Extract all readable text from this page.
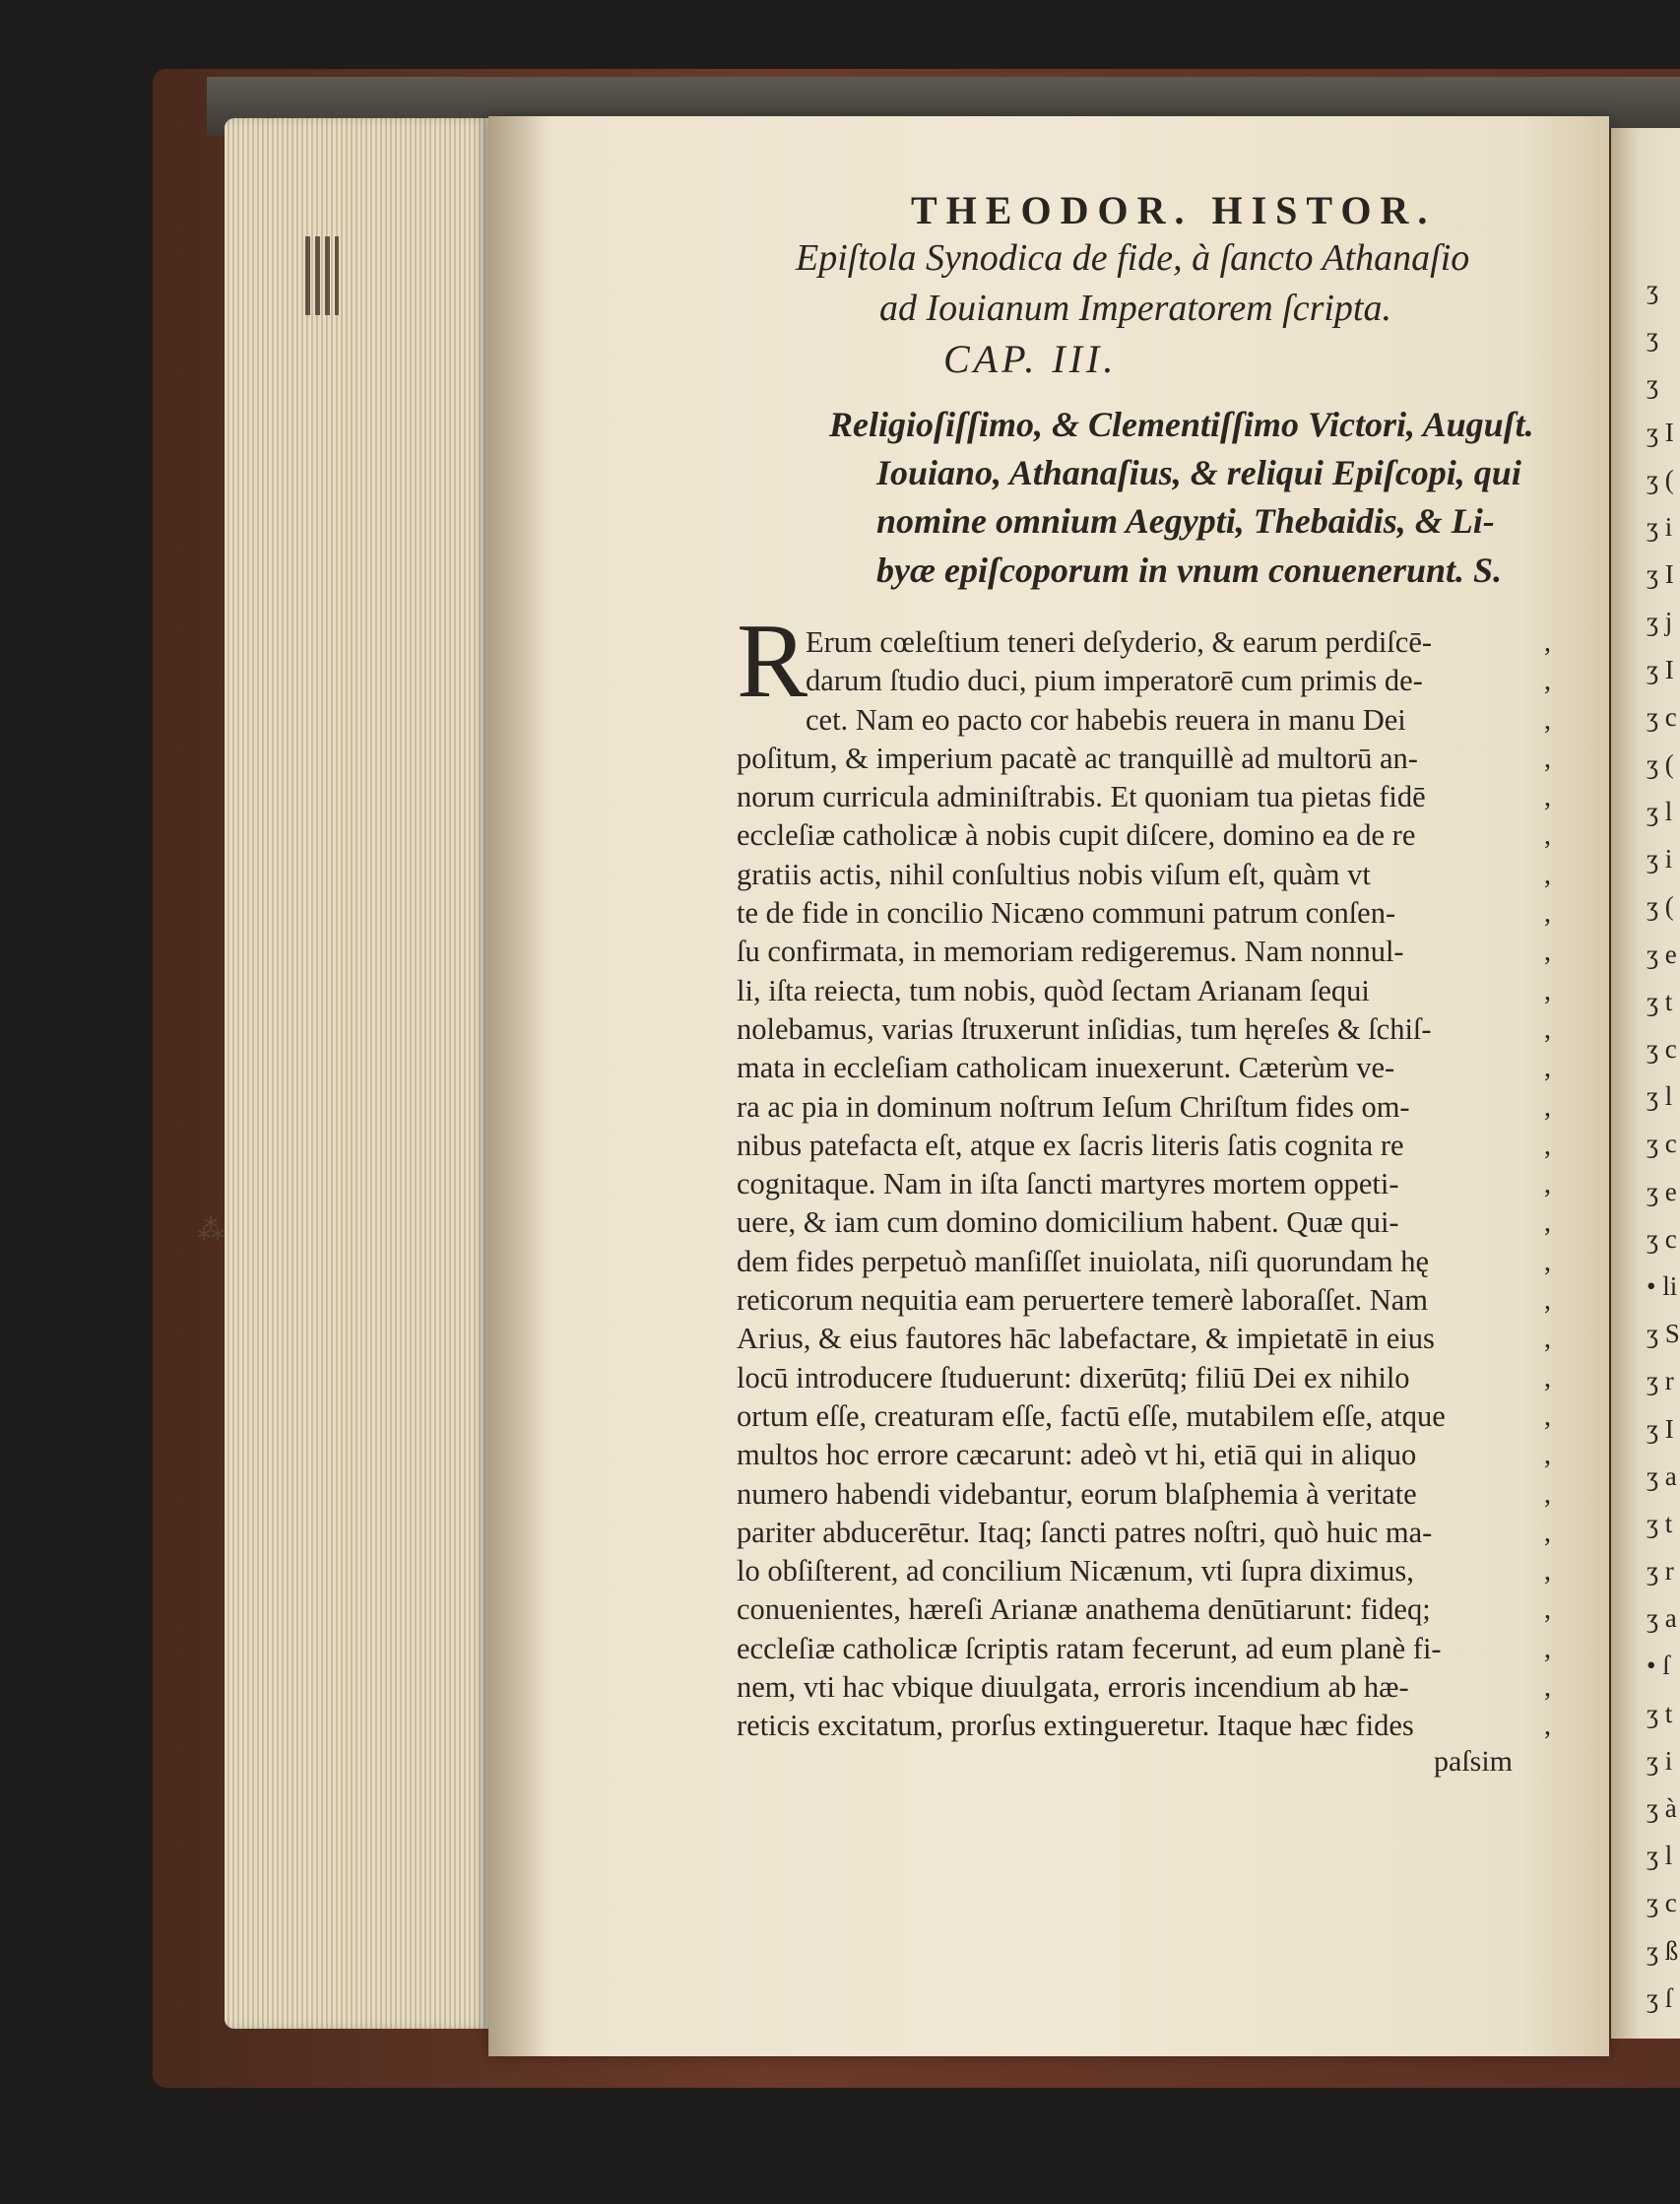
⁂
ʒ
ʒ
ʒ
ʒ I
ʒ (
ʒ i
ʒ I
ʒ j
ʒ I
ʒ c
ʒ (
ʒ l
ʒ i
ʒ (
ʒ e
ʒ t
ʒ c
ʒ l
ʒ c
ʒ e
ʒ c
• li
ʒ S
ʒ r
ʒ I
ʒ a
ʒ t
ʒ r
ʒ a
• ſ
ʒ t
ʒ i
ʒ à
ʒ l
ʒ c
ʒ ß
ʒ ſ
THEODOR. HISTOR.
Epiſtola Synodica de fide, à ſancto Athanaſio
ad Iouianum Imperatorem ſcripta.
CAP. III.
Religioſiſſimo, & Clementiſſimo Victori, Auguſt.
Iouiano, Athanaſius, & reliqui Epiſcopi, qui
nomine omnium Aegypti, Thebaidis, & Li-
byæ epiſcoporum in vnum conuenerunt. S.
R
Erum cœleſtium teneri deſyderio, & earum perdiſcē-
darum ſtudio duci, pium imperatorē cum primis de-
cet. Nam eo pacto cor habebis reuera in manu Dei
poſitum, & imperium pacatè ac tranquillè ad multorū an-
norum curricula adminiſtrabis. Et quoniam tua pietas fidē
eccleſiæ catholicæ à nobis cupit diſcere, domino ea de re
gratiis actis, nihil conſultius nobis viſum eſt, quàm vt
te de fide in concilio Nicæno communi patrum conſen-
ſu confirmata, in memoriam redigeremus. Nam nonnul-
li, iſta reiecta, tum nobis, quòd ſectam Arianam ſequi
nolebamus, varias ſtruxerunt inſidias, tum hęreſes & ſchiſ-
mata in eccleſiam catholicam inuexerunt. Cæterùm ve-
ra ac pia in dominum noſtrum Ieſum Chriſtum fides om-
nibus patefacta eſt, atque ex ſacris literis ſatis cognita re
cognitaque. Nam in iſta ſancti martyres mortem oppeti-
uere, & iam cum domino domicilium habent. Quæ qui-
dem fides perpetuò manſiſſet inuiolata, niſi quorundam hę
reticorum nequitia eam peruertere temerè laboraſſet. Nam
Arius, & eius fautores hāc labefactare, & impietatē in eius
locū introducere ſtuduerunt: dixerūtq; filiū Dei ex nihilo
ortum eſſe, creaturam eſſe, factū eſſe, mutabilem eſſe, atque
multos hoc errore cæcarunt: adeò vt hi, etiā qui in aliquo
numero habendi videbantur, eorum blaſphemia à veritate
pariter abducerētur. Itaq; ſancti patres noſtri, quò huic ma-
lo obſiſterent, ad concilium Nicænum, vti ſupra diximus,
conuenientes, hæreſi Arianæ anathema denūtiarunt: fideq;
eccleſiæ catholicæ ſcriptis ratam fecerunt, ad eum planè fi-
nem, vti hac vbique diuulgata, erroris incendium ab hæ-
reticis excitatum, prorſus extingueretur. Itaque hæc fides
,
,
,
,
,
,
,
,
,
,
,
,
,
,
,
,
,
,
,
,
,
,
,
,
,
,
,
,
,
paſsim
